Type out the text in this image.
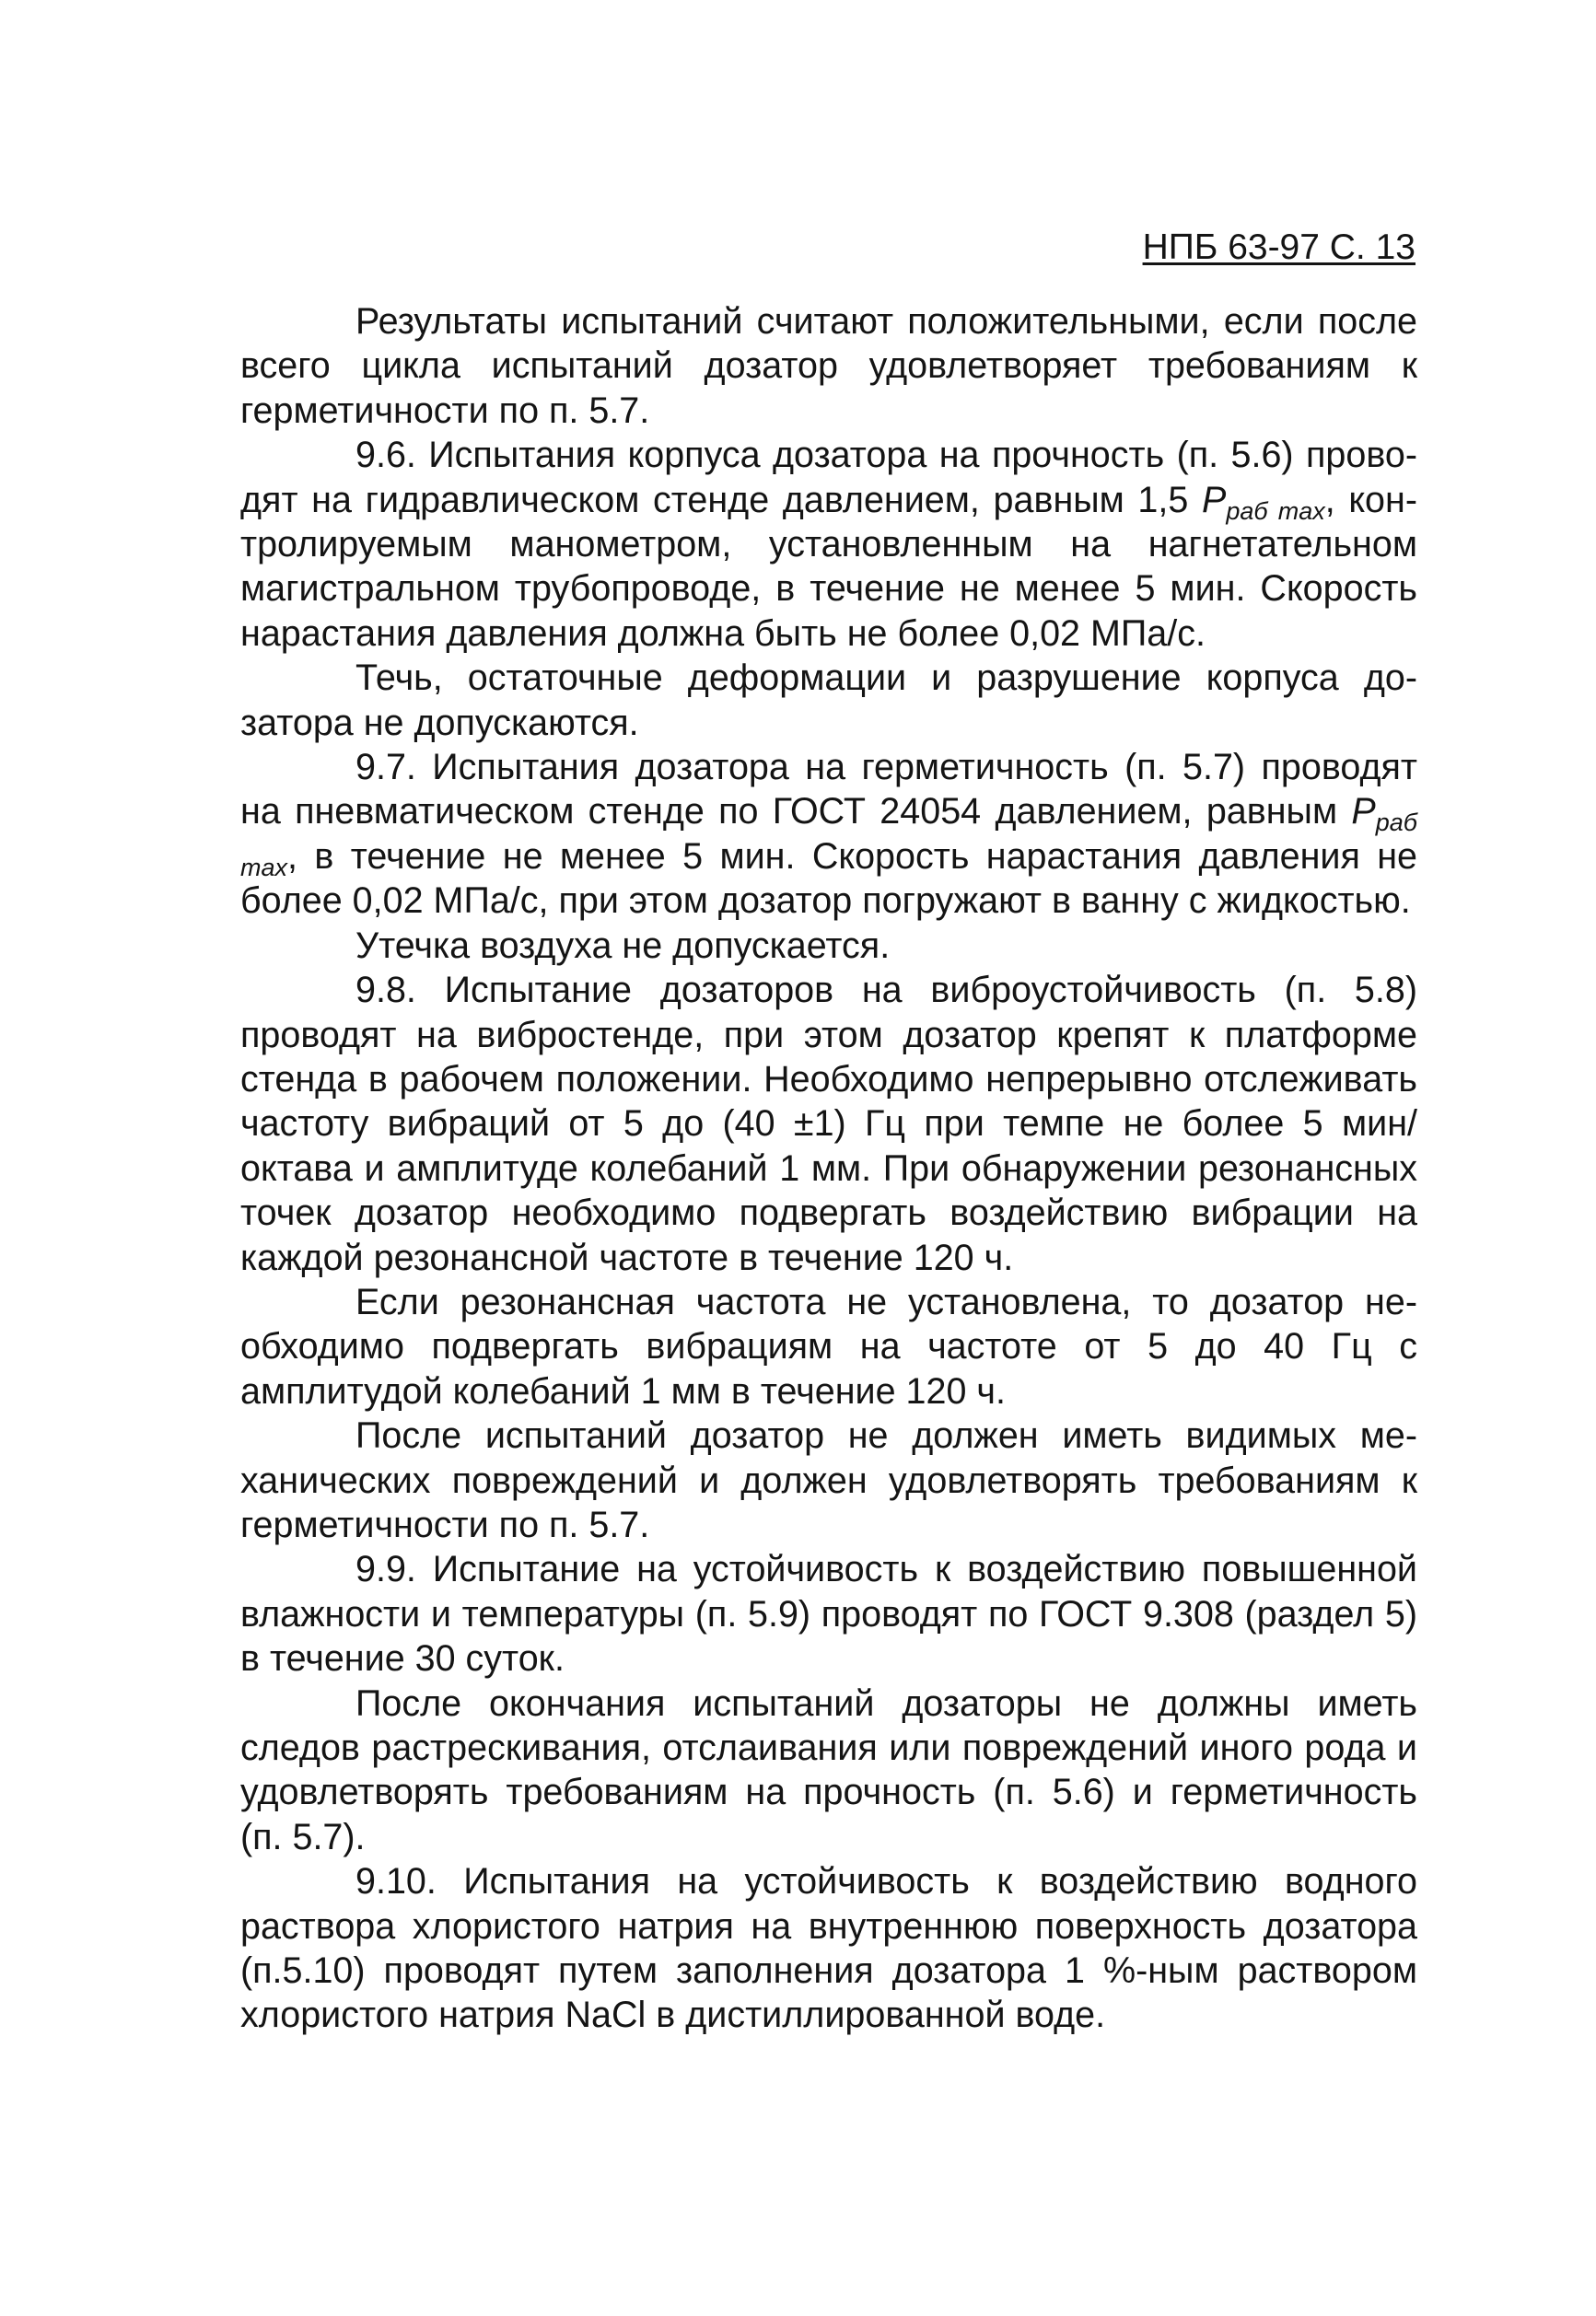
НПБ 63-97 С. 13

Результаты испытаний считают положительными, если после всего цикла испытаний дозатор удовлетворяет требованиям к герметичности по п. 5.7.

9.6. Испытания корпуса дозатора на прочность (п. 5.6) проводят на гидравлическом стенде давлением, равным 1,5 $P_{раб max}$, контролируемым манометром, установленным на нагнетательном магистральном трубопроводе, в течение не менее 5 мин. Скорость нарастания давления должна быть не более 0,02 МПа/с.

Течь, остаточные деформации и разрушение корпуса дозатора не допускаются.

9.7. Испытания дозатора на герметичность (п. 5.7) проводят на пневматическом стенде по ГОСТ 24054 давлением, равным $P_{раб max}$, в течение не менее 5 мин. Скорость нарастания давления не более 0,02 МПа/с, при этом дозатор погружают в ванну с жидкостью.

Утечка воздуха не допускается.

9.8. Испытание дозаторов на виброустойчивость (п. 5.8) проводят на вибростенде, при этом дозатор крепят к платформе стенда в рабочем положении. Необходимо непрерывно отслеживать частоту вибраций от 5 до (40 ±1) Гц при темпе не более 5 мин/октава и амплитуде колебаний 1 мм. При обнаружении резонансных точек дозатор необходимо подвергать воздействию вибрации на каждой резонансной частоте в течение 120 ч.

Если резонансная частота не установлена, то дозатор необходимо подвергать вибрациям на частоте от 5 до 40 Гц с амплитудой колебаний 1 мм в течение 120 ч.

После испытаний дозатор не должен иметь видимых механических повреждений и должен удовлетворять требованиям к герметичности по п. 5.7.

9.9. Испытание на устойчивость к воздействию повышенной влажности и температуры (п. 5.9) проводят по ГОСТ 9.308 (раздел 5) в течение 30 суток.

После окончания испытаний дозаторы не должны иметь следов растрескивания, отслаивания или повреждений иного рода и удовлетворять требованиям на прочность (п. 5.6) и герметичность (п. 5.7).

9.10. Испытания на устойчивость к воздействию водного раствора хлористого натрия на внутреннюю поверхность дозатора (п.5.10) проводят путем заполнения дозатора 1 %-ным раствором хлористого натрия NaCl в дистиллированной воде.
